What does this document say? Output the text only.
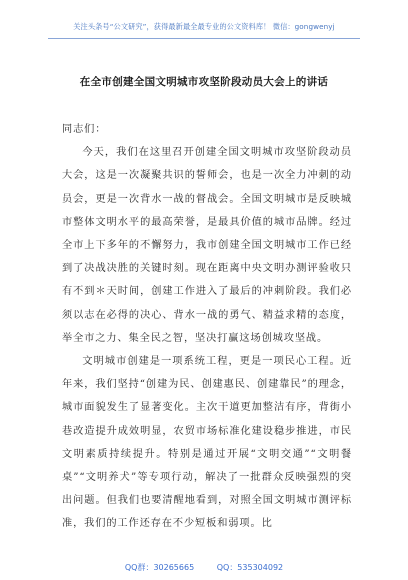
关注头条号“公文研究”，获得最新最全最专业的公文资料库！ 微信：gongwenyj
在全市创建全国文明城市攻坚阶段动员大会上的讲话

同志们：

今天，我们在这里召开创建全国文明城市攻坚阶段动员大会，这是一次凝聚共识的誓师会，也是一次全力冲刺的动员会，更是一次背水一战的督战会。全国文明城市是反映城市整体文明水平的最高荣誉，是最具价值的城市品牌。经过全市上下多年的不懈努力，我市创建全国文明城市工作已经到了决战决胜的关键时刻。现在距离中央文明办测评验收只有不到＊天时间，创建工作进入了最后的冲刺阶段。我们必须以志在必得的决心、背水一战的勇气、精益求精的态度，举全市之力、集全民之智，坚决打赢这场创城攻坚战。

文明城市创建是一项系统工程，更是一项民心工程。近年来，我们坚持“创建为民、创建惠民、创建靠民”的理念，城市面貌发生了显著变化。主次干道更加整洁有序，背街小巷改造提升成效明显，农贸市场标准化建设稳步推进，市民文明素质持续提升。特别是通过开展“文明交通”“文明餐桌”“文明养犬”等专项行动，解决了一批群众反映强烈的突出问题。但我们也要清醒地看到，对照全国文明城市测评标准，我们的工作还存在不少短板和弱项。比

QQ群：30265665	QQ：535304092
